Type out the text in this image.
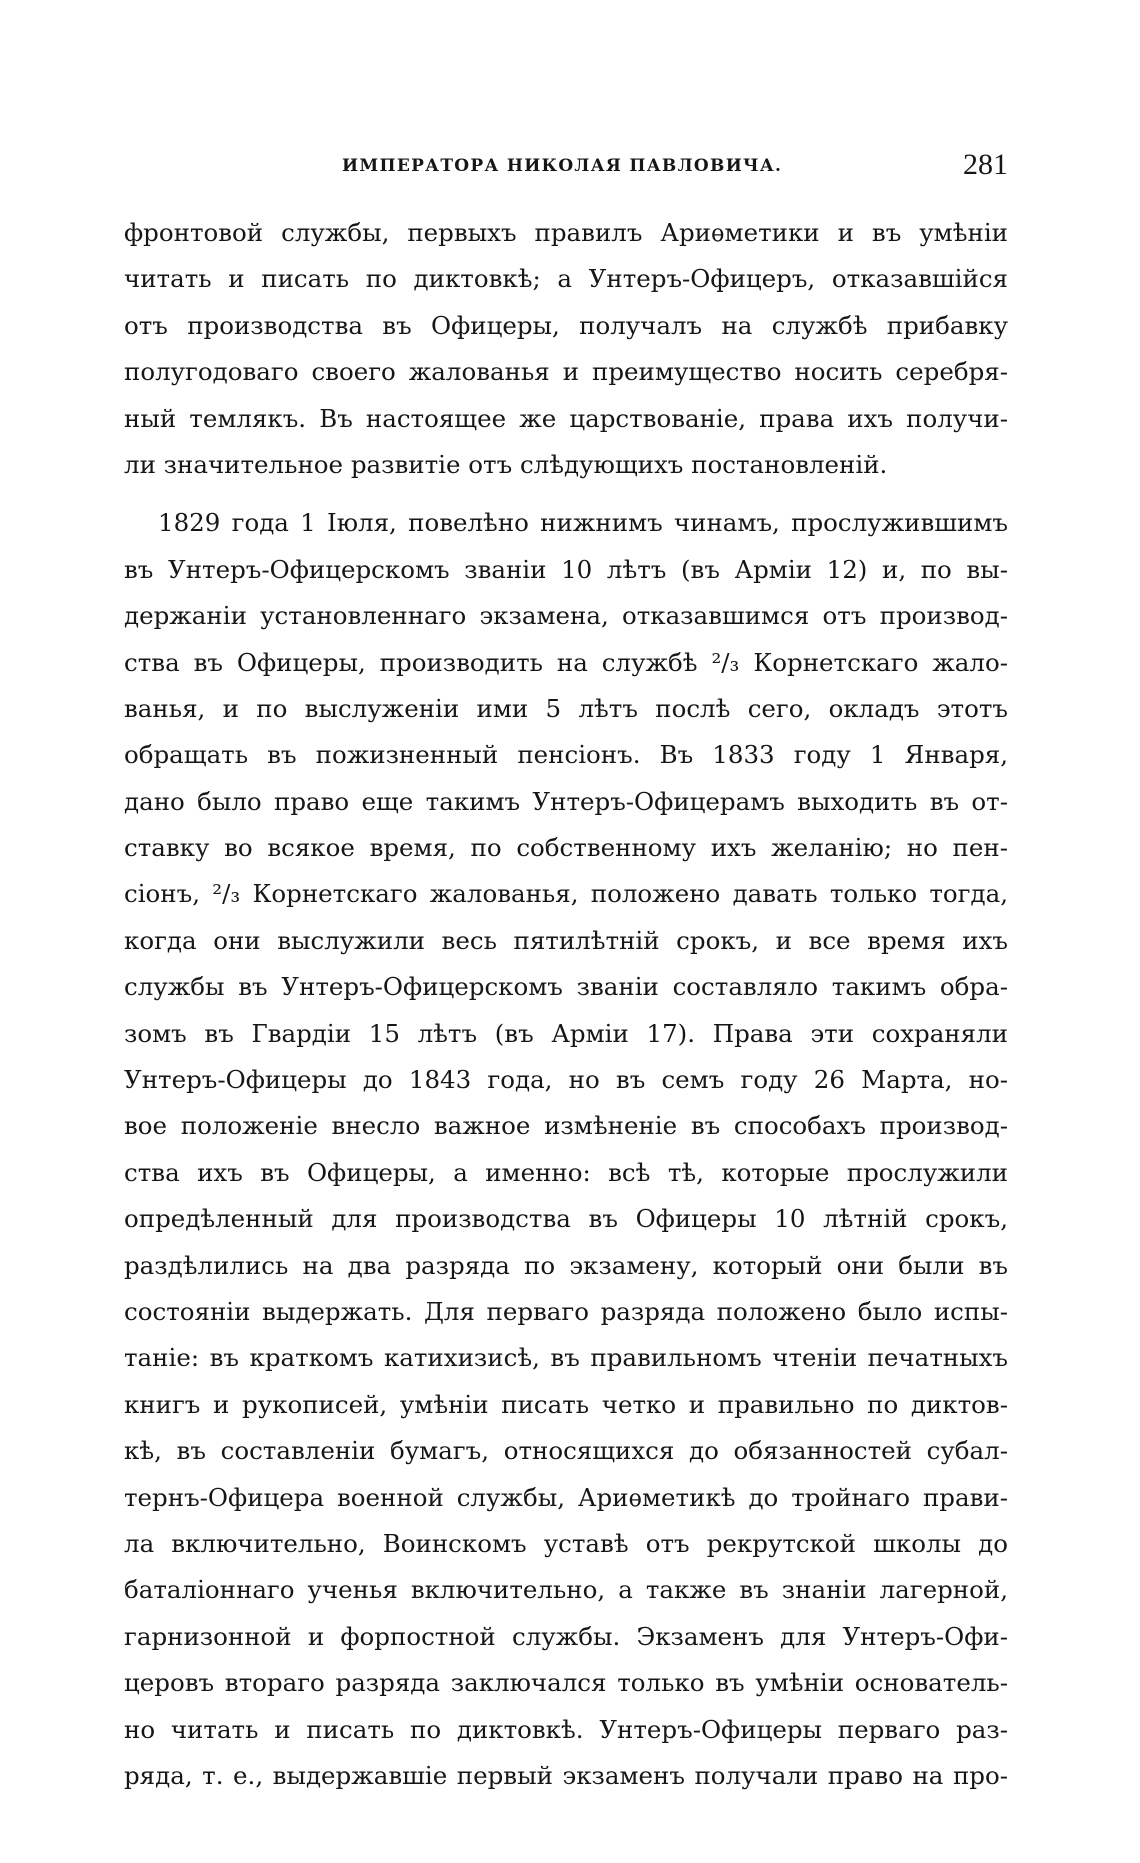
ИМПЕРАТОРА НИКОЛАЯ ПАВЛОВИЧА.	281
фронтовой службы, первыхъ правилъ Ариѳметики и въ умѣніи
читать и писать по диктовкѣ; а Унтеръ-Офицеръ, отказавшійся
отъ производства въ Офицеры, получалъ на службѣ прибавку
полугодоваго своего жалованья и преимущество носить серебря-
ный темлякъ. Въ настоящее же царствованіе, права ихъ получи-
ли значительное развитіе отъ слѣдующихъ постановленій.
1829 года 1 Іюля, повелѣно нижнимъ чинамъ, прослужившимъ
въ Унтеръ-Офицерскомъ званіи 10 лѣтъ (въ Арміи 12) и, по вы-
держаніи установленнаго экзамена, отказавшимся отъ производ-
ства въ Офицеры, производить на службѣ ²/₃ Корнетскаго жало-
ванья, и по выслуженіи ими 5 лѣтъ послѣ сего, окладъ этотъ
обращать въ пожизненный пенсіонъ. Въ 1833 году 1 Января,
дано было право еще такимъ Унтеръ-Офицерамъ выходить въ от-
ставку во всякое время, по собственному ихъ желанію; но пен-
сіонъ, ²/₃ Корнетскаго жалованья, положено давать только тогда,
когда они выслужили весь пятилѣтній срокъ, и все время ихъ
службы въ Унтеръ-Офицерскомъ званіи составляло такимъ обра-
зомъ въ Гвардіи 15 лѣтъ (въ Арміи 17). Права эти сохраняли
Унтеръ-Офицеры до 1843 года, но въ семъ году 26 Марта, но-
вое положеніе внесло важное измѣненіе въ способахъ производ-
ства ихъ въ Офицеры, а именно: всѣ тѣ, которые прослужили
опредѣленный для производства въ Офицеры 10 лѣтній срокъ,
раздѣлились на два разряда по экзамену, который они были въ
состояніи выдержать. Для перваго разряда положено было испы-
таніе: въ краткомъ катихизисѣ, въ правильномъ чтеніи печатныхъ
книгъ и рукописей, умѣніи писать четко и правильно по диктов-
кѣ, въ составленіи бумагъ, относящихся до обязанностей субал-
тернъ-Офицера военной службы, Ариѳметикѣ до тройнаго прави-
ла включительно, Воинскомъ уставѣ отъ рекрутской школы до
баталіоннаго ученья включительно, а также въ знаніи лагерной,
гарнизонной и форпостной службы. Экзаменъ для Унтеръ-Офи-
церовъ втораго разряда заключался только въ умѣніи основатель-
но читать и писать по диктовкѣ. Унтеръ-Офицеры перваго раз-
ряда, т. е., выдержавшіе первый экзаменъ получали право на про-
